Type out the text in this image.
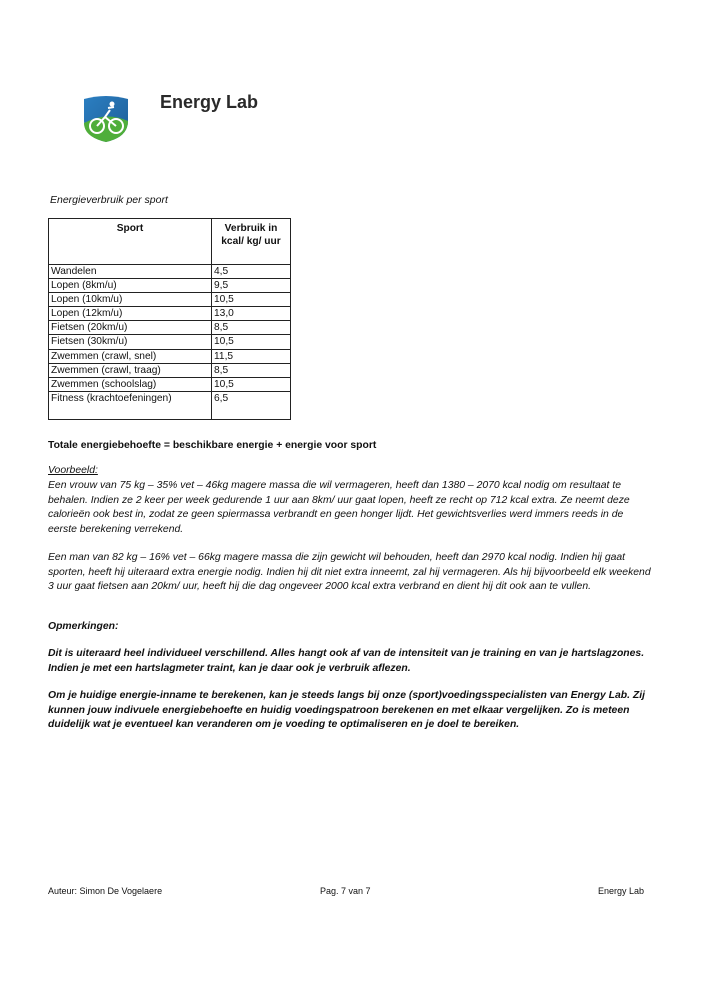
Energy Lab
Energieverbruik per sport
Sport	Verbruik in kcal/ kg/ uur
Wandelen	4,5
Lopen (8km/u)	9,5
Lopen (10km/u)	10,5
Lopen (12km/u)	13,0
Fietsen (20km/u)	8,5
Fietsen (30km/u)	10,5
Zwemmen (crawl, snel)	11,5
Zwemmen (crawl, traag)	8,5
Zwemmen (schoolslag)	10,5
Fitness (krachtoefeningen)	6,5
Totale energiebehoefte = beschikbare energie + energie voor sport
Voorbeeld:
Een vrouw van 75 kg – 35% vet – 46kg magere massa die wil vermageren, heeft dan 1380 – 2070 kcal nodig om resultaat te behalen. Indien ze 2 keer per week gedurende 1 uur aan 8km/ uur gaat lopen, heeft ze recht op 712 kcal extra. Ze neemt deze calorieën ook best in, zodat ze geen spiermassa verbrandt en geen honger lijdt. Het gewichtsverlies werd immers reeds in de eerste berekening verrekend.
Een man van 82 kg – 16% vet – 66kg magere massa die zijn gewicht wil behouden, heeft dan 2970 kcal nodig. Indien hij gaat sporten, heeft hij uiteraard extra energie nodig. Indien hij dit niet extra inneemt, zal hij vermageren. Als hij bijvoorbeeld elk weekend 3 uur gaat fietsen aan 20km/ uur, heeft hij die dag ongeveer 2000 kcal extra verbrand en dient hij dit ook aan te vullen.
Opmerkingen:
Dit is uiteraard heel individueel verschillend. Alles hangt ook af van de intensiteit van je training en van je hartslagzones. Indien je met een hartslagmeter traint, kan je daar ook je verbruik aflezen.
Om je huidige energie-inname te berekenen, kan je steeds langs bij onze (sport)voedingsspecialisten van Energy Lab. Zij kunnen jouw indivuele energiebehoefte en huidig voedingspatroon berekenen en met elkaar vergelijken. Zo is meteen duidelijk wat je eventueel kan veranderen om je voeding te optimaliseren en je doel te bereiken.
Auteur: Simon De Vogelaere	Pag. 7 van 7	Energy Lab
